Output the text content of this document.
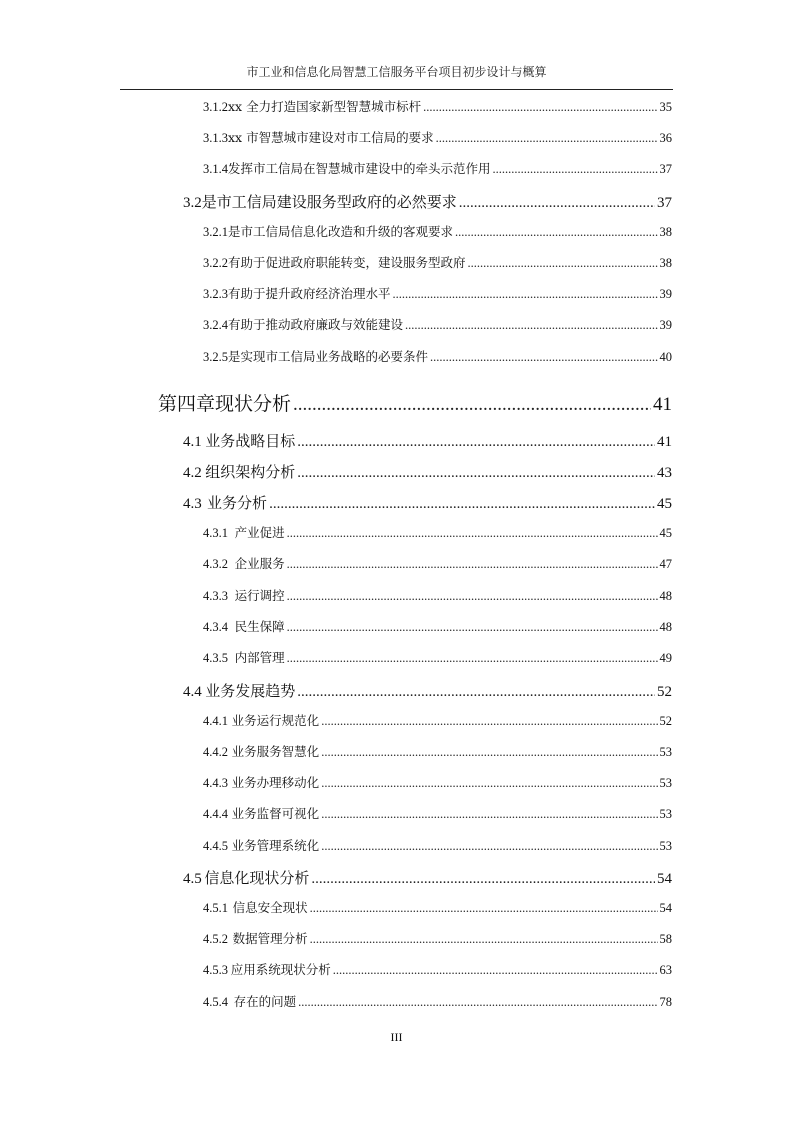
市工业和信息化局智慧工信服务平台项目初步设计与概算
3.1.2 xx 全力打造国家新型智慧城市标杆 .....	35
3.1.3 xx 市智慧城市建设对市工信局的要求 .....	36
3.1.4 发挥市工信局在智慧城市建设中的牵头示范作用 .....	37
3.2 是市工信局建设服务型政府的必然要求 .....	37
3.2.1 是市工信局信息化改造和升级的客观要求 .....	38
3.2.2 有助于促进政府职能转变，建设服务型政府 .....	38
3.2.3 有助于提升政府经济治理水平 .....	39
3.2.4 有助于推动政府廉政与效能建设 .....	39
3.2.5 是实现市工信局业务战略的必要条件 .....	40
第四章 现状分析 .....	41
4.1 业务战略目标 .....	41
4.2 组织架构分析 .....	43
4.3 业务分析 .....	45
4.3.1 产业促进 .....	45
4.3.2 企业服务 .....	47
4.3.3 运行调控 .....	48
4.3.4 民生保障 .....	48
4.3.5 内部管理 .....	49
4.4 业务发展趋势 .....	52
4.4.1 业务运行规范化 .....	52
4.4.2 业务服务智慧化 .....	53
4.4.3 业务办理移动化 .....	53
4.4.4 业务监督可视化 .....	53
4.4.5 业务管理系统化 .....	53
4.5 信息化现状分析 .....	54
4.5.1 信息安全现状 .....	54
4.5.2 数据管理分析 .....	58
4.5.3 应用系统现状分析 .....	63
4.5.4 存在的问题 .....	78
III
